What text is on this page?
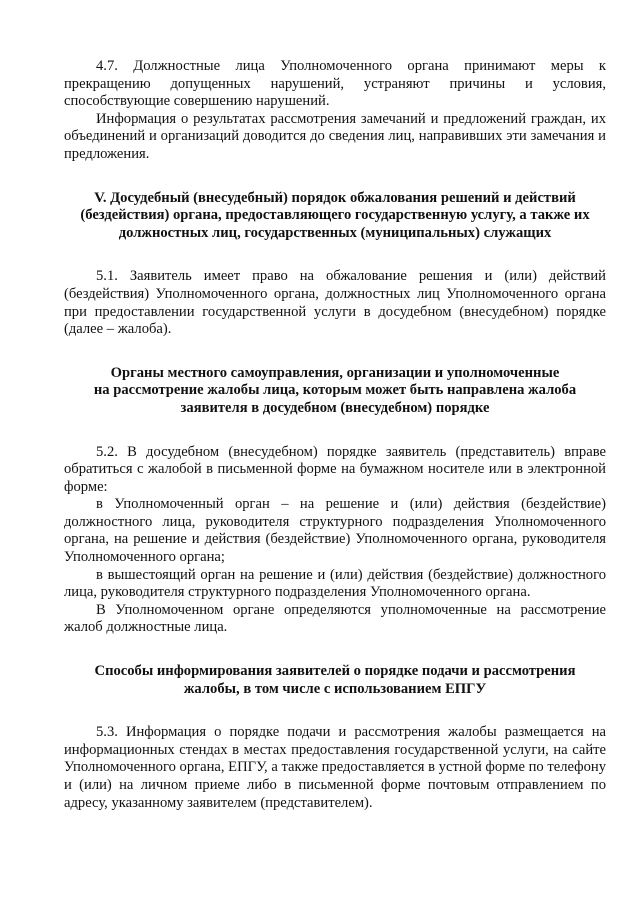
4.7. Должностные лица Уполномоченного органа принимают меры к прекращению допущенных нарушений, устраняют причины и условия, способствующие совершению нарушений.

Информация о результатах рассмотрения замечаний и предложений граждан, их объединений и организаций доводится до сведения лиц, направивших эти замечания и предложения.

V. Досудебный (внесудебный) порядок обжалования решений и действий
(бездействия) органа, предоставляющего государственную услугу, а также их
должностных лиц, государственных (муниципальных) служащих

5.1. Заявитель имеет право на обжалование решения и (или) действий (бездействия) Уполномоченного органа, должностных лиц Уполномоченного органа при предоставлении государственной услуги в досудебном (внесудебном) порядке (далее – жалоба).

Органы местного самоуправления, организации и уполномоченные
на рассмотрение жалобы лица, которым может быть направлена жалоба
заявителя в досудебном (внесудебном) порядке

5.2. В досудебном (внесудебном) порядке заявитель (представитель) вправе обратиться с жалобой в письменной форме на бумажном носителе или в электронной форме:

в Уполномоченный орган – на решение и (или) действия (бездействие) должностного лица, руководителя структурного подразделения Уполномоченного органа, на решение и действия (бездействие) Уполномоченного органа, руководителя Уполномоченного органа;

в вышестоящий орган на решение и (или) действия (бездействие) должностного лица, руководителя структурного подразделения Уполномоченного органа.

В Уполномоченном органе определяются уполномоченные на рассмотрение жалоб должностные лица.

Способы информирования заявителей о порядке подачи и рассмотрения
жалобы, в том числе с использованием ЕПГУ

5.3. Информация о порядке подачи и рассмотрения жалобы размещается на информационных стендах в местах предоставления государственной услуги, на сайте Уполномоченного органа, ЕПГУ, а также предоставляется в устной форме по телефону и (или) на личном приеме либо в письменной форме почтовым отправлением по адресу, указанному заявителем (представителем).
